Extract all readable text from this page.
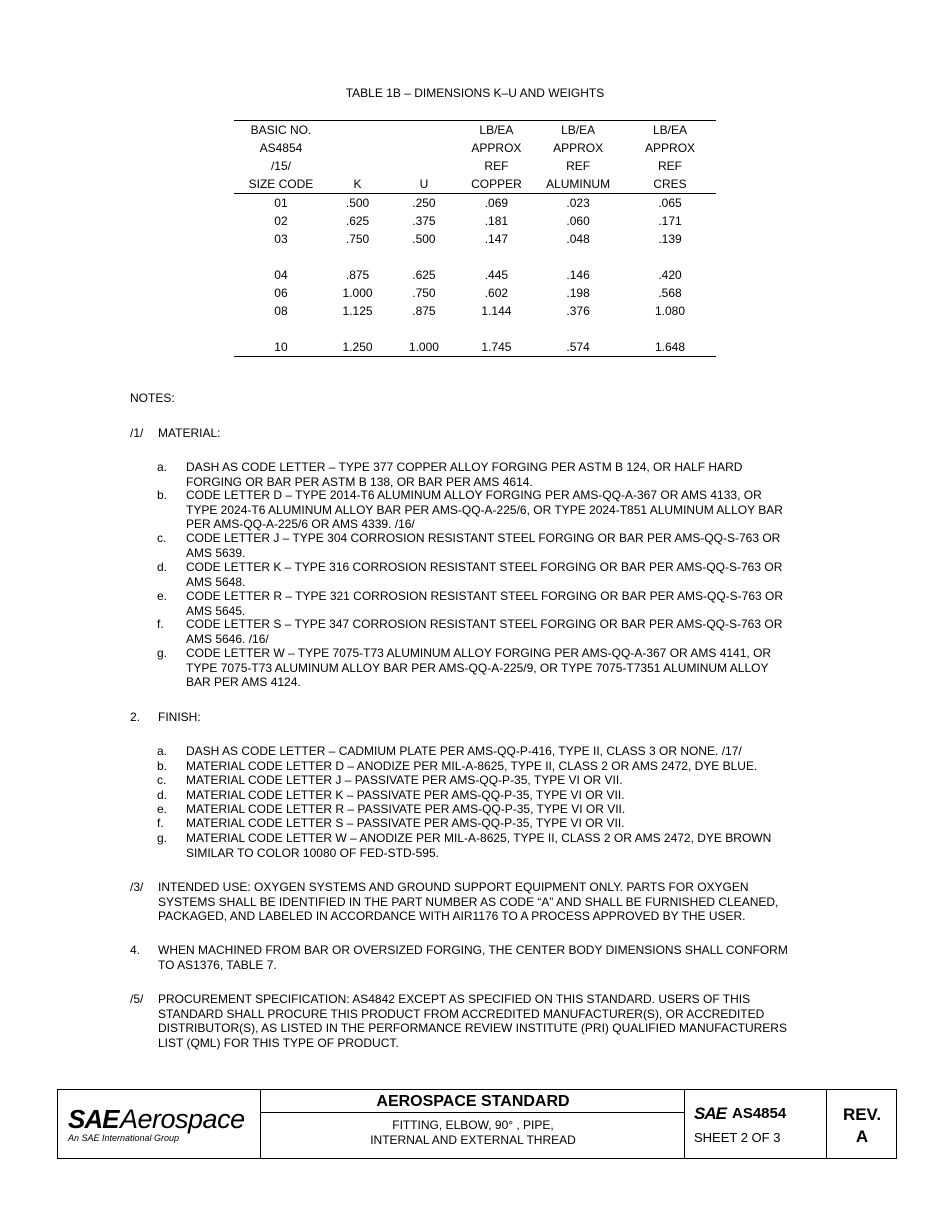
TABLE 1B – DIMENSIONS K–U AND WEIGHTS
BASIC NO.			LB/EA	LB/EA	LB/EA
AS4854			APPROX	APPROX	APPROX
/15/			REF	REF	REF
SIZE CODE	K	U	COPPER	ALUMINUM	CRES
01	.500	.250	.069	.023	.065
02	.625	.375	.181	.060	.171
03	.750	.500	.147	.048	.139

04	.875	.625	.445	.146	.420
06	1.000	.750	.602	.198	.568
08	1.125	.875	1.144	.376	1.080

10	1.250	1.000	1.745	.574	1.648
NOTES:
/1/ MATERIAL:
a.	DASH AS CODE LETTER – TYPE 377 COPPER ALLOY FORGING PER ASTM B 124, OR HALF HARD
FORGING OR BAR PER ASTM B 138, OR BAR PER AMS 4614.
b.	CODE LETTER D – TYPE 2014-T6 ALUMINUM ALLOY FORGING PER AMS-QQ-A-367 OR AMS 4133, OR
TYPE 2024-T6 ALUMINUM ALLOY BAR PER AMS-QQ-A-225/6, OR TYPE 2024-T851 ALUMINUM ALLOY BAR
PER AMS-QQ-A-225/6 OR AMS 4339. /16/
c.	CODE LETTER J – TYPE 304 CORROSION RESISTANT STEEL FORGING OR BAR PER AMS-QQ-S-763 OR
AMS 5639.
d.	CODE LETTER K – TYPE 316 CORROSION RESISTANT STEEL FORGING OR BAR PER AMS-QQ-S-763 OR
AMS 5648.
e.	CODE LETTER R – TYPE 321 CORROSION RESISTANT STEEL FORGING OR BAR PER AMS-QQ-S-763 OR
AMS 5645.
f.	CODE LETTER S – TYPE 347 CORROSION RESISTANT STEEL FORGING OR BAR PER AMS-QQ-S-763 OR
AMS 5646. /16/
g.	CODE LETTER W – TYPE 7075-T73 ALUMINUM ALLOY FORGING PER AMS-QQ-A-367 OR AMS 4141, OR
TYPE 7075-T73 ALUMINUM ALLOY BAR PER AMS-QQ-A-225/9, OR TYPE 7075-T7351 ALUMINUM ALLOY
BAR PER AMS 4124.
2. FINISH:
a.	DASH AS CODE LETTER – CADMIUM PLATE PER AMS-QQ-P-416, TYPE II, CLASS 3 OR NONE. /17/
b.	MATERIAL CODE LETTER D – ANODIZE PER MIL-A-8625, TYPE II, CLASS 2 OR AMS 2472, DYE BLUE.
c.	MATERIAL CODE LETTER J – PASSIVATE PER AMS-QQ-P-35, TYPE VI OR VII.
d.	MATERIAL CODE LETTER K – PASSIVATE PER AMS-QQ-P-35, TYPE VI OR VII.
e.	MATERIAL CODE LETTER R – PASSIVATE PER AMS-QQ-P-35, TYPE VI OR VII.
f.	MATERIAL CODE LETTER S – PASSIVATE PER AMS-QQ-P-35, TYPE VI OR VII.
g.	MATERIAL CODE LETTER W – ANODIZE PER MIL-A-8625, TYPE II, CLASS 2 OR AMS 2472, DYE BROWN
SIMILAR TO COLOR 10080 OF FED-STD-595.
/3/ INTENDED USE: OXYGEN SYSTEMS AND GROUND SUPPORT EQUIPMENT ONLY. PARTS FOR OXYGEN
SYSTEMS SHALL BE IDENTIFIED IN THE PART NUMBER AS CODE “A” AND SHALL BE FURNISHED CLEANED,
PACKAGED, AND LABELED IN ACCORDANCE WITH AIR1176 TO A PROCESS APPROVED BY THE USER.
4. WHEN MACHINED FROM BAR OR OVERSIZED FORGING, THE CENTER BODY DIMENSIONS SHALL CONFORM
TO AS1376, TABLE 7.
/5/ PROCUREMENT SPECIFICATION: AS4842 EXCEPT AS SPECIFIED ON THIS STANDARD. USERS OF THIS
STANDARD SHALL PROCURE THIS PRODUCT FROM ACCREDITED MANUFACTURER(S), OR ACCREDITED
DISTRIBUTOR(S), AS LISTED IN THE PERFORMANCE REVIEW INSTITUTE (PRI) QUALIFIED MANUFACTURERS
LIST (QML) FOR THIS TYPE OF PRODUCT.
SAE Aerospace
An SAE International Group
AEROSPACE STANDARD
FITTING, ELBOW, 90° , PIPE,
INTERNAL AND EXTERNAL THREAD
SAE AS4854
SHEET 2 OF 3
REV.
A
